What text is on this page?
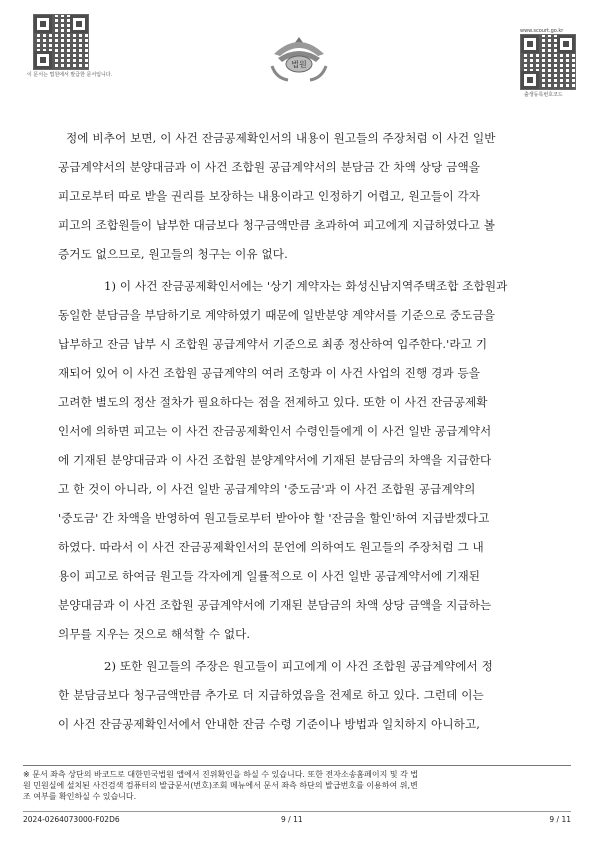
이 문서는 법원에서 발급한 문서입니다.
법원
www.scourt.go.kr
출생등록번호코드
정에 비추어 보면, 이 사건 잔금공제확인서의 내용이 원고들의 주장처럼 이 사건 일반
공급계약서의 분양대금과 이 사건 조합원 공급계약서의 분담금 간 차액 상당 금액을
피고로부터 따로 받을 권리를 보장하는 내용이라고 인정하기 어렵고, 원고들이 각자
피고의 조합원들이 납부한 대금보다 청구금액만큼 초과하여 피고에게 지급하였다고 볼
증거도 없으므로, 원고들의 청구는 이유 없다.
1) 이 사건 잔금공제확인서에는 '상기 계약자는 화성신남지역주택조합 조합원과
동일한 분담금을 부담하기로 계약하였기 때문에 일반분양 계약서를 기준으로 중도금을
납부하고 잔금 납부 시 조합원 공급계약서 기준으로 최종 정산하여 입주한다.'라고 기
재되어 있어 이 사건 조합원 공급계약의 여러 조항과 이 사건 사업의 진행 경과 등을
고려한 별도의 정산 절차가 필요하다는 점을 전제하고 있다. 또한 이 사건 잔금공제확
인서에 의하면 피고는 이 사건 잔금공제확인서 수령인들에게 이 사건 일반 공급계약서
에 기재된 분양대금과 이 사건 조합원 분양계약서에 기재된 분담금의 차액을 지급한다
고 한 것이 아니라, 이 사건 일반 공급계약의 '중도금'과 이 사건 조합원 공급계약의
'중도금' 간 차액을 반영하여 원고들로부터 받아야 할 '잔금을 할인'하여 지급받겠다고
하였다. 따라서 이 사건 잔금공제확인서의 문언에 의하여도 원고들의 주장처럼 그 내
용이 피고로 하여금 원고들 각자에게 일률적으로 이 사건 일반 공급계약서에 기재된
분양대금과 이 사건 조합원 공급계약서에 기재된 분담금의 차액 상당 금액을 지급하는
의무를 지우는 것으로 해석할 수 없다.
2) 또한 원고들의 주장은 원고들이 피고에게 이 사건 조합원 공급계약에서 정
한 분담금보다 청구금액만큼 추가로 더 지급하였음을 전제로 하고 있다. 그런데 이는
이 사건 잔금공제확인서에서 안내한 잔금 수령 기준이나 방법과 일치하지 아니하고,
※ 문서 좌측 상단의 바코드로 대한민국법원 앱에서 진위확인을 하실 수 있습니다. 또한 전자소송홈페이지 및 각 법
원 민원실에 설치된 사건검색 컴퓨터의 발급문서(번호)조회 메뉴에서 문서 좌측 하단의 발급번호를 이용하여 위,변
조 여부를 확인하실 수 있습니다.
2024-0264073000-F02D6	9 / 11	9 / 11
